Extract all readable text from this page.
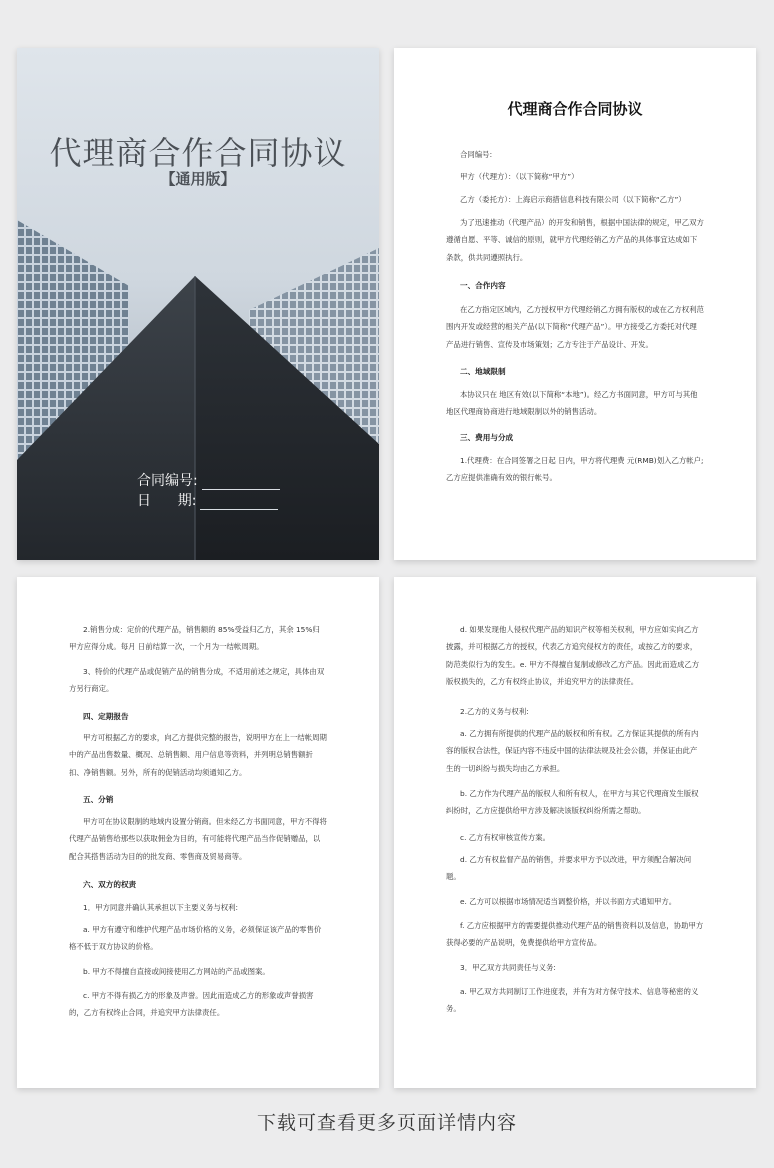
代理商合作合同协议
【通用版】
合同编号:
日      期:
代理商合作合同协议

合同编号:

甲方（代理方）：（以下简称“甲方”）

乙方（委托方）：上海启示商措信息科技有限公司（以下简称“乙方”）

为了迅速推动（代理产品）的开发和销售，根据中国法律的规定，甲乙双方遵循自愿、平等、诚信的原则，就甲方代理经销乙方产品的具体事宜达成如下条款，供共同遵照执行。

一、合作内容

在乙方指定区域内，乙方授权甲方代理经销乙方拥有版权的或在乙方权利范围内开发或经营的相关产品(以下简称“代理产品”）。甲方接受乙方委托对代理产品进行销售、宣传及市场策划；乙方专注于产品设计、开发。

二、地域限制

本协议只在 地区有效(以下简称“本地”)。经乙方书面同意，甲方可与其他地区代理商协商进行地域限制以外的销售活动。

三、费用与分成

1.代理费：在合同签署之日起 日内，甲方将代理费 元(RMB)划入乙方帐户;乙方应提供准确有效的银行帐号。

2.销售分成：定价的代理产品，销售额的 85%受益归乙方，其余 15%归甲方应得分成。每月 日前结算一次，一个月为一结帐周期。

3、特价的代理产品或促销产品的销售分成，不适用前述之规定，具体由双方另行商定。

四、定期报告

甲方可根据乙方的要求，向乙方提供完整的报告，说明甲方在上一结帐周期中的产品出售数量、概况、总销售额、用户信息等资料，并列明总销售额折扣、净销售额。另外，所有的促销活动均须通知乙方。

五、分销

甲方可在协议限制的地域内设置分销商。但未经乙方书面同意，甲方不得将代理产品销售给那些以获取佣金为目的，有可能将代理产品当作促销赠品，以配合其搭售活动为目的的批发商、零售商及贸易商等。

六、双方的权责

1．甲方同意并确认其承担以下主要义务与权利:

a. 甲方有遵守和维护代理产品市场价格的义务，必须保证该产品的零售价格不低于双方协议的价格。

b. 甲方不得擅自直接或间接使用乙方网站的产品或图案。

c. 甲方不得有损乙方的形象及声誉。因此而造成乙方的形象或声誉损害的，乙方有权终止合同，并追究甲方法律责任。

d. 如果发现他人侵权代理产品的知识产权等相关权利，甲方应如实向乙方披露，并可根据乙方的授权，代表乙方追究侵权方的责任，或按乙方的要求，防范类似行为的发生。e. 甲方不得擅自复制或修改乙方产品。因此而造成乙方版权损失的，乙方有权终止协议，并追究甲方的法律责任。

2.乙方的义务与权利:

a. 乙方拥有所提供的代理产品的版权和所有权。乙方保证其提供的所有内容的版权合法性，保证内容不违反中国的法律法规及社会公德，并保证由此产生的一切纠纷与损失均由乙方承担。

b. 乙方作为代理产品的版权人和所有权人，在甲方与其它代理商发生版权纠纷时，乙方应提供给甲方涉及解决该版权纠纷所需之帮助。

c. 乙方有权审核宣传方案。

d. 乙方有权监督产品的销售，并要求甲方予以改进，甲方须配合解决问题。

e. 乙方可以根据市场情况适当调整价格，并以书面方式通知甲方。

f. 乙方应根据甲方的需要提供推动代理产品的销售资料以及信息，协助甲方获得必要的产品说明，免费提供给甲方宣传品。

3．甲乙双方共同责任与义务:

a. 甲乙双方共同制订工作进度表，并有为对方保守技术、信息等秘密的义务。

下载可查看更多页面详情内容
